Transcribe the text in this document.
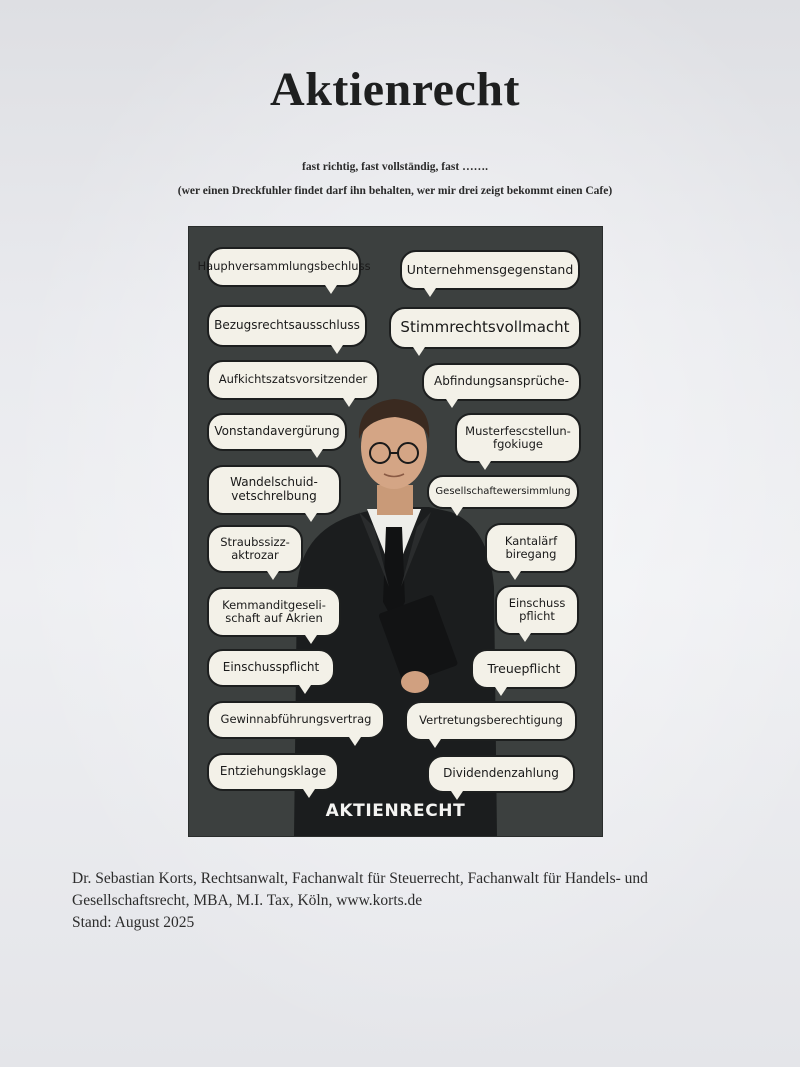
Aktienrecht
fast richtig, fast vollständig, fast …….
(wer einen Dreckfuhler findet darf ihn behalten, wer mir drei zeigt bekommt einen Cafe)
Hauphversammlungsbechluss	Unternehmensgegenstand
Bezugsrechtsausschluss	Stimmrechtsvollmacht
Aufkichtszatsvorsitzender	Abfindungsansprüche-
Vonstandavergürung	Musterfescstellun-
fgokiuge
Wandelschuid-
vetschrelbung	Gesellschaftewersimmlung
Straubssizz-
aktrozar
Kantalärf
biregang
Kemmanditgeseli-
schaft auf Akrien
Einschuss
pflicht
Einschusspflicht	Treuepflicht
Gewinnabführungsvertrag	Vertretungsberechtigung
Entziehungsklage	Dividendenzahlung
AKTIENRECHT
Dr. Sebastian Korts, Rechtsanwalt, Fachanwalt für Steuerrecht, Fachanwalt für Handels- und
Gesellschaftsrecht, MBA, M.I. Tax, Köln, www.korts.de
Stand: August 2025
